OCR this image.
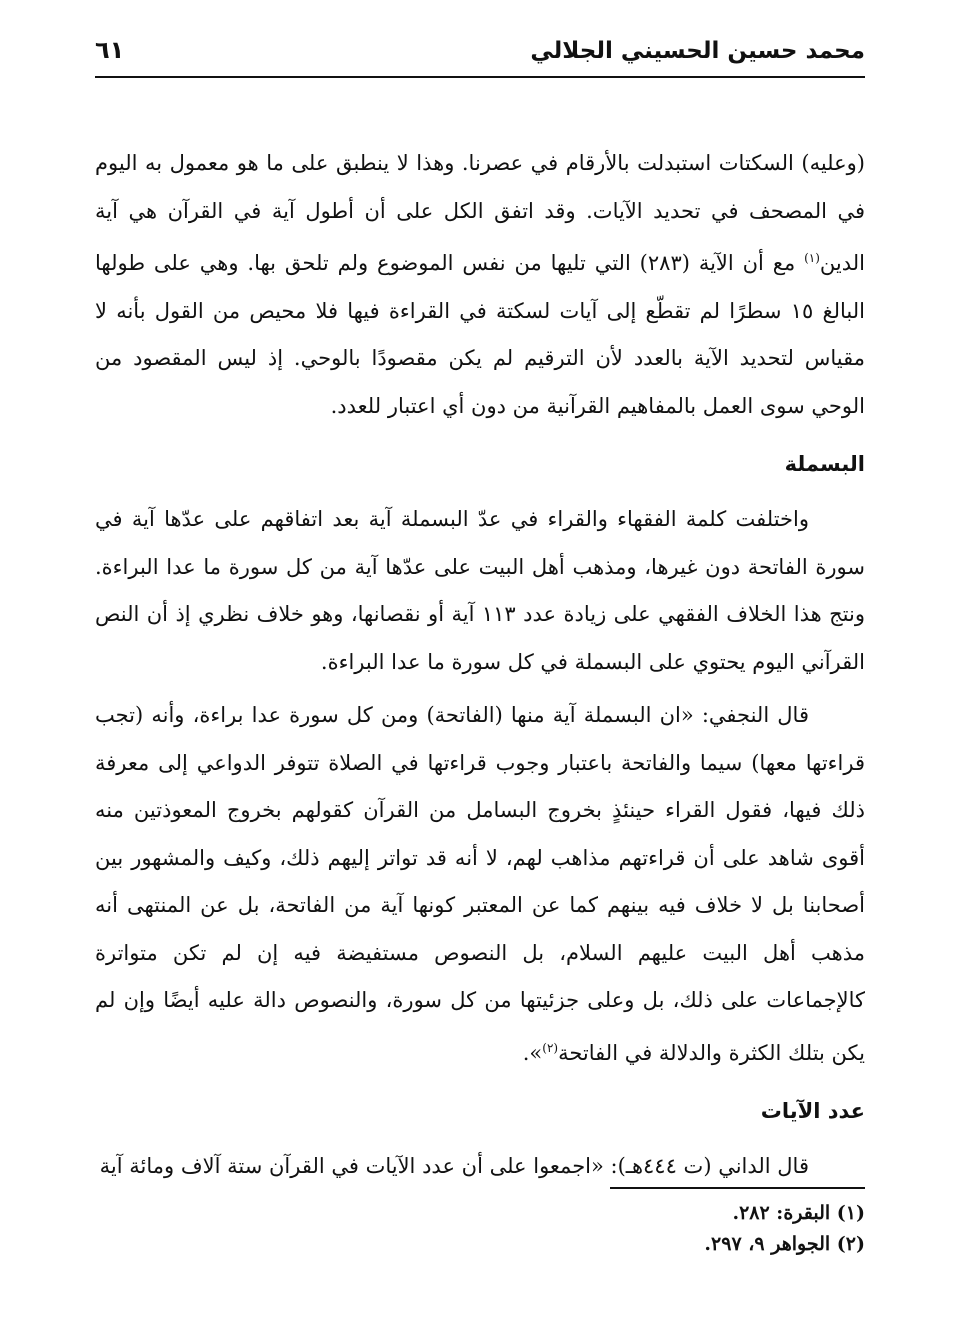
محمد حسين الحسيني الجلالي
٦١

(وعليه) السكتات استبدلت بالأرقام في عصرنا. وهذا لا ينطبق على ما هو معمول به اليوم في المصحف في تحديد الآيات. وقد اتفق الكل على أن أطول آية في القرآن هي آية الدين$^{(١)}$ مع أن الآية (٢٨٣) التي تليها من نفس الموضوع ولم تلحق بها. وهي على طولها البالغ ١٥ سطرًا لم تقطّع إلى آيات لسكتة في القراءة فيها فلا محيص من القول بأنه لا مقياس لتحديد الآية بالعدد لأن الترقيم لم يكن مقصودًا بالوحي. إذ ليس المقصود من الوحي سوى العمل بالمفاهيم القرآنية من دون أي اعتبار للعدد.

البسملة

واختلفت كلمة الفقهاء والقراء في عدّ البسملة آية بعد اتفاقهم على عدّها آية في سورة الفاتحة دون غيرها، ومذهب أهل البيت على عدّها آية من كل سورة ما عدا البراءة. ونتج هذا الخلاف الفقهي على زيادة عدد ١١٣ آية أو نقصانها، وهو خلاف نظري إذ أن النص القرآني اليوم يحتوي على البسملة في كل سورة ما عدا البراءة.

قال النجفي: «ان البسملة آية منها (الفاتحة) ومن كل سورة عدا براءة، وأنه (تجب قراءتها معها) سيما والفاتحة باعتبار وجوب قراءتها في الصلاة تتوفر الدواعي إلى معرفة ذلك فيها، فقول القراء حينئذٍ بخروج البسامل من القرآن كقولهم بخروج المعوذتين منه أقوى شاهد على أن قراءتهم مذاهب لهم، لا أنه قد تواتر إليهم ذلك، وكيف والمشهور بين أصحابنا بل لا خلاف فيه بينهم كما عن المعتبر كونها آية من الفاتحة، بل عن المنتهى أنه مذهب أهل البيت عليهم السلام، بل النصوص مستفيضة فيه إن لم تكن متواترة كالإجماعات على ذلك، بل وعلى جزئيتها من كل سورة، والنصوص دالة عليه أيضًا وإن لم يكن بتلك الكثرة والدلالة في الفاتحة$^{(٢)}$».

عدد الآيات

قال الداني (ت ٤٤٤هـ): «اجمعوا على أن عدد الآيات في القرآن ستة آلاف ومائة آية

(١) البقرة: ٢٨٢.
(٢) الجواهر ٩، ٢٩٧.
